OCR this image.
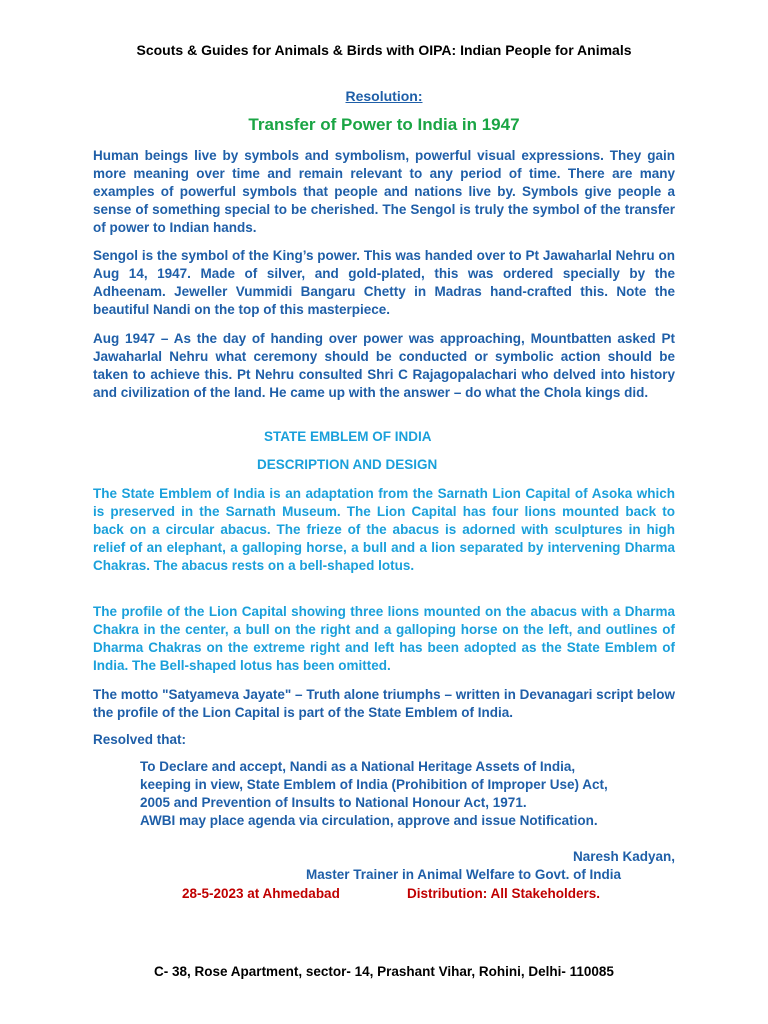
Scouts & Guides for Animals & Birds with OIPA: Indian People for Animals
Resolution:
Transfer of Power to India in 1947

Human beings live by symbols and symbolism, powerful visual expressions. They gain more meaning over time and remain relevant to any period of time. There are many examples of powerful symbols that people and nations live by. Symbols give people a sense of something special to be cherished. The Sengol is truly the symbol of the transfer of power to Indian hands.

Sengol is the symbol of the King’s power. This was handed over to Pt Jawaharlal Nehru on Aug 14, 1947. Made of silver, and gold-plated, this was ordered specially by the Adheenam. Jeweller Vummidi Bangaru Chetty in Madras hand-crafted this. Note the beautiful Nandi on the top of this masterpiece.

Aug 1947 – As the day of handing over power was approaching, Mountbatten asked Pt Jawaharlal Nehru what ceremony should be conducted or symbolic action should be taken to achieve this. Pt Nehru consulted Shri C Rajagopalachari who delved into history and civilization of the land. He came up with the answer – do what the Chola kings did.

STATE EMBLEM OF INDIA
DESCRIPTION AND DESIGN

The State Emblem of India is an adaptation from the Sarnath Lion Capital of Asoka which is preserved in the Sarnath Museum. The Lion Capital has four lions mounted back to back on a circular abacus. The frieze of the abacus is adorned with sculptures in high relief of an elephant, a galloping horse, a bull and a lion separated by intervening Dharma Chakras. The abacus rests on a bell-shaped lotus.

The profile of the Lion Capital showing three lions mounted on the abacus with a Dharma Chakra in the center, a bull on the right and a galloping horse on the left, and outlines of Dharma Chakras on the extreme right and left has been adopted as the State Emblem of India. The Bell-shaped lotus has been omitted.

The motto "Satyameva Jayate" – Truth alone triumphs – written in Devanagari script below the profile of the Lion Capital is part of the State Emblem of India.

Resolved that:
To Declare and accept, Nandi as a National Heritage Assets of India,
keeping in view, State Emblem of India (Prohibition of Improper Use) Act,
2005 and Prevention of Insults to National Honour Act, 1971.
AWBI may place agenda via circulation, approve and issue Notification.
Naresh Kadyan,
Master Trainer in Animal Welfare to Govt. of India
28-5-2023 at Ahmedabad	Distribution: All Stakeholders.
C- 38, Rose Apartment, sector- 14, Prashant Vihar, Rohini, Delhi- 110085
